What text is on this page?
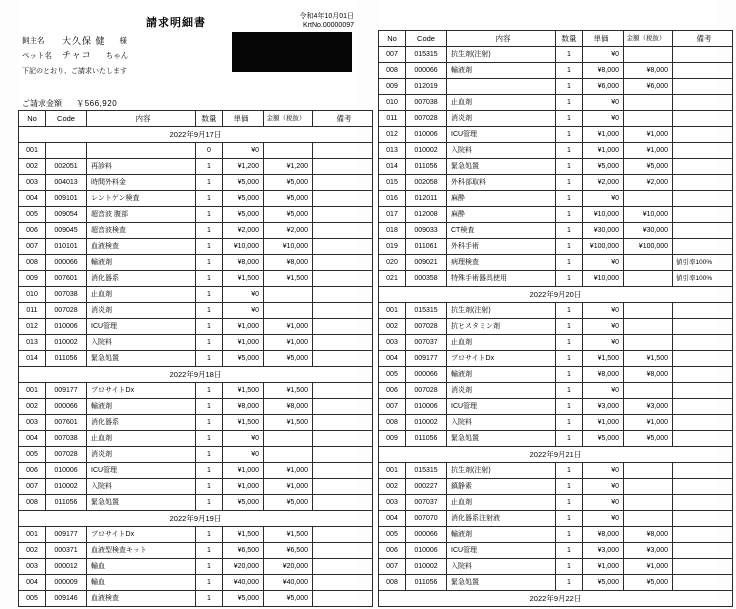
請求明細書
令和4年10月01日
KrtNo.00000097
飼主名	大久保 健 様
ペット名	チャコ ちゃん
下記のとおり、ご請求いたします
ご請求金額 ￥566,920
No	Code	内容	数量	単価	金額（税抜）	備考
2022年9月17日						
001			0	¥0		
002	002051	再診料	1	¥1,200	¥1,200	
003	004013	時間外料金	1	¥5,000	¥5,000	
004	009101	レントゲン検査	1	¥5,000	¥5,000	
005	009054	超音波 腹部	1	¥5,000	¥5,000	
006	009045	超音波検査	1	¥2,000	¥2,000	
007	010101	血液検査	1	¥10,000	¥10,000	
008	000066	輸液剤	1	¥8,000	¥8,000	
009	007601	消化器系	1	¥1,500	¥1,500	
010	007038	止血剤	1	¥0		
011	007028	消炎剤	1	¥0		
012	010006	ICU管理	1	¥1,000	¥1,000	
013	010002	入院料	1	¥1,000	¥1,000	
014	011056	緊急処置	1	¥5,000	¥5,000	
2022年9月18日						
001	009177	ブロサイトDx	1	¥1,500	¥1,500	
002	000066	輸液剤	1	¥8,000	¥8,000	
003	007601	消化器系	1	¥1,500	¥1,500	
004	007038	止血剤	1	¥0		
005	007028	消炎剤	1	¥0		
006	010006	ICU管理	1	¥1,000	¥1,000	
007	010002	入院料	1	¥1,000	¥1,000	
008	011056	緊急処置	1	¥5,000	¥5,000	
2022年9月19日						
001	009177	ブロサイトDx	1	¥1,500	¥1,500	
002	000371	血液型検査キット	1	¥6,500	¥6,500	
003	000012	輸血	1	¥20,000	¥20,000	
004	000009	輸血	1	¥40,000	¥40,000	
005	009146	血液検査	1	¥5,000	¥5,000	
No	Code	内容	数量	単価	金額（税抜）	備考
007	015315	抗生剤(注射)	1	¥0		
008	000066	輸液剤	1	¥8,000	¥8,000	
009	012019		1	¥6,000	¥6,000	
010	007038	止血剤	1	¥0		
011	007028	消炎剤	1	¥0		
012	010006	ICU管理	1	¥1,000	¥1,000	
013	010002	入院料	1	¥1,000	¥1,000	
014	011056	緊急処置	1	¥5,000	¥5,000	
015	002058	外科部取料	1	¥2,000	¥2,000	
016	012011	麻酔	1	¥0		
017	012008	麻酔	1	¥10,000	¥10,000	
018	009033	CT検査	1	¥30,000	¥30,000	
019	011061	外科手術	1	¥100,000	¥100,000	
020	009021	病理検査	1	¥0		値引率100%
021	000358	特殊手術器具使用	1	¥10,000		値引率100%
2022年9月20日						
001	015315	抗生剤(注射)	1	¥0		
002	007028	抗ヒスタミン剤	1	¥0		
003	007037	止血剤	1	¥0		
004	009177	ブロサイトDx	1	¥1,500	¥1,500	
005	000066	輸液剤	1	¥8,000	¥8,000	
006	007028	消炎剤	1	¥0		
007	010006	ICU管理	1	¥3,000	¥3,000	
008	010002	入院料	1	¥1,000	¥1,000	
009	011056	緊急処置	1	¥5,000	¥5,000	
2022年9月21日						
001	015315	抗生剤(注射)	1	¥0		
002	000227	鎮静素	1	¥0		
003	007037	止血剤	1	¥0		
004	007070	消化器系注射液	1	¥0		
005	000066	輸液剤	1	¥8,000	¥8,000	
006	010006	ICU管理	1	¥3,000	¥3,000	
007	010002	入院料	1	¥1,000	¥1,000	
008	011056	緊急処置	1	¥5,000	¥5,000	
2022年9月22日						
